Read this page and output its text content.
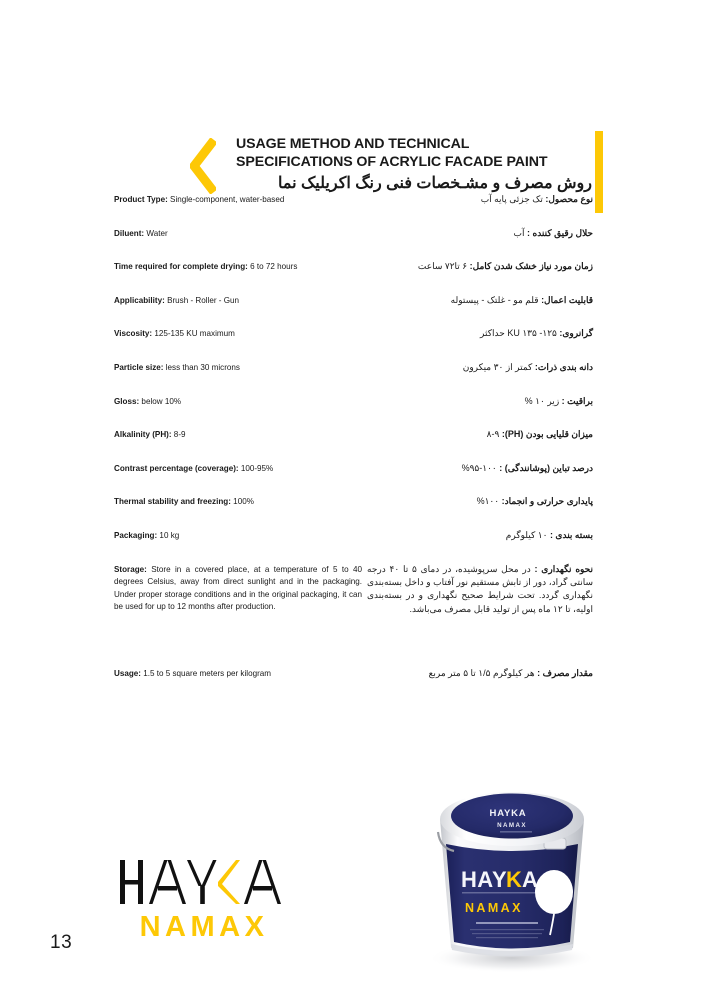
USAGE METHOD AND TECHNICAL
SPECIFICATIONS OF ACRYLIC FACADE PAINT
روش مصرف و مشـخصات فنی رنگ اکریلیک نما
Product Type: Single-component, water-based	نوع محصول: تک جزئی پایه آب
Diluent: Water	حلال رقیق کننده : آب
Time required for complete drying: 6 to 72 hours	زمان مورد نیاز خشک شدن کامل: ۶ تا۷۲ ساعت
Applicability: Brush - Roller - Gun	قابلیت اعمال: قلم مو - غلتک - پیستوله
Viscosity: 125-135 KU maximum	گرانروی: ۱۲۵- ۱۳۵ KU حداکثر
Particle size: less than 30 microns	دانه بندی ذرات: کمتر از ۳۰ میکرون
Gloss: below 10%	براقیت : زیر ۱۰ %
Alkalinity (PH): 8-9	میزان قلیایی بودن (PH): ۸-۹
Contrast percentage (coverage): 100-95%	درصد تباین (پوشانندگی) : ۱۰۰-۹۵%
Thermal stability and freezing: 100%	پایداری حرارتی و انجماد: ۱۰۰%
Packaging: 10 kg	بسته بندی : ۱۰ کیلوگرم
Storage: Store in a covered place, at a temperature of 5 to 40 degrees Celsius, away from direct sunlight and in the packaging. Under proper storage conditions and in the original packaging, it can be used for up to 12 months after production.
نحوه نگهداری : در محل سرپوشیده، در دمای ۵ تا ۴۰ درجه سانتی گراد، دور از تابش مستقیم نور آفتاب و داخل بسته‌بندی نگهداری گردد. تحت شرایط صحیح نگهداری و در بسته‌بندی اولیه، تا ۱۲ ماه پس از تولید قابل مصرف می‌باشد.
Usage: 1.5 to 5 square meters per kilogram	مقدار مصرف : هر کیلوگرم ۱/۵ تا ۵ متر مربع
NAMAX
13
HAYKA
NAMAX
HA
Y
K A
NAMAX
